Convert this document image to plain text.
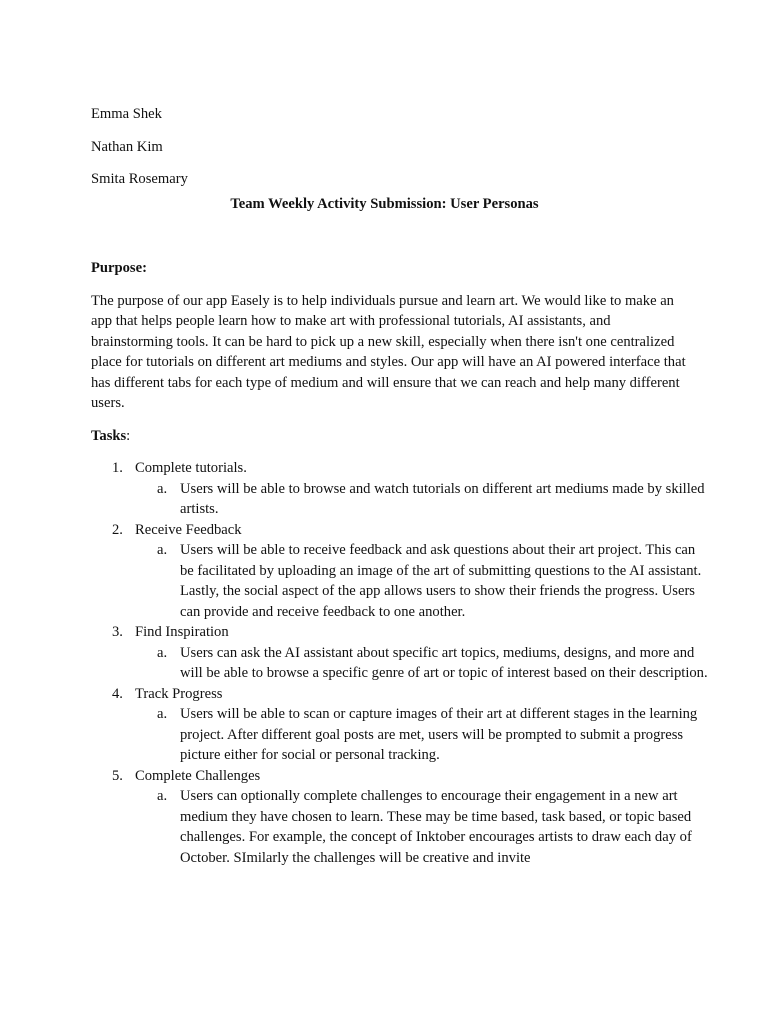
Emma Shek

Nathan Kim

Smita Rosemary

Team Weekly Activity Submission: User Personas

Purpose:

The purpose of our app Easely is to help individuals pursue and learn art. We would like to make an app that helps people learn how to make art with professional tutorials, AI assistants, and brainstorming tools. It can be hard to pick up a new skill, especially when there isn't one centralized place for tutorials on different art mediums and styles. Our app will have an AI powered interface that has different tabs for each type of medium and will ensure that we can reach and help many different users.

Tasks:

1. Complete tutorials.
a. Users will be able to browse and watch tutorials on different art mediums made by skilled artists.
2. Receive Feedback
a. Users will be able to receive feedback and ask questions about their art project. This can be facilitated by uploading an image of the art of submitting questions to the AI assistant. Lastly, the social aspect of the app allows users to show their friends the progress. Users can provide and receive feedback to one another.
3. Find Inspiration
a. Users can ask the AI assistant about specific art topics, mediums, designs, and more and will be able to browse a specific genre of art or topic of interest based on their description.
4. Track Progress
a. Users will be able to scan or capture images of their art at different stages in the learning project. After different goal posts are met, users will be prompted to submit a progress picture either for social or personal tracking.
5. Complete Challenges
a. Users can optionally complete challenges to encourage their engagement in a new art medium they have chosen to learn. These may be time based, task based, or topic based challenges. For example, the concept of Inktober encourages artists to draw each day of October. SImilarly the challenges will be creative and invite
